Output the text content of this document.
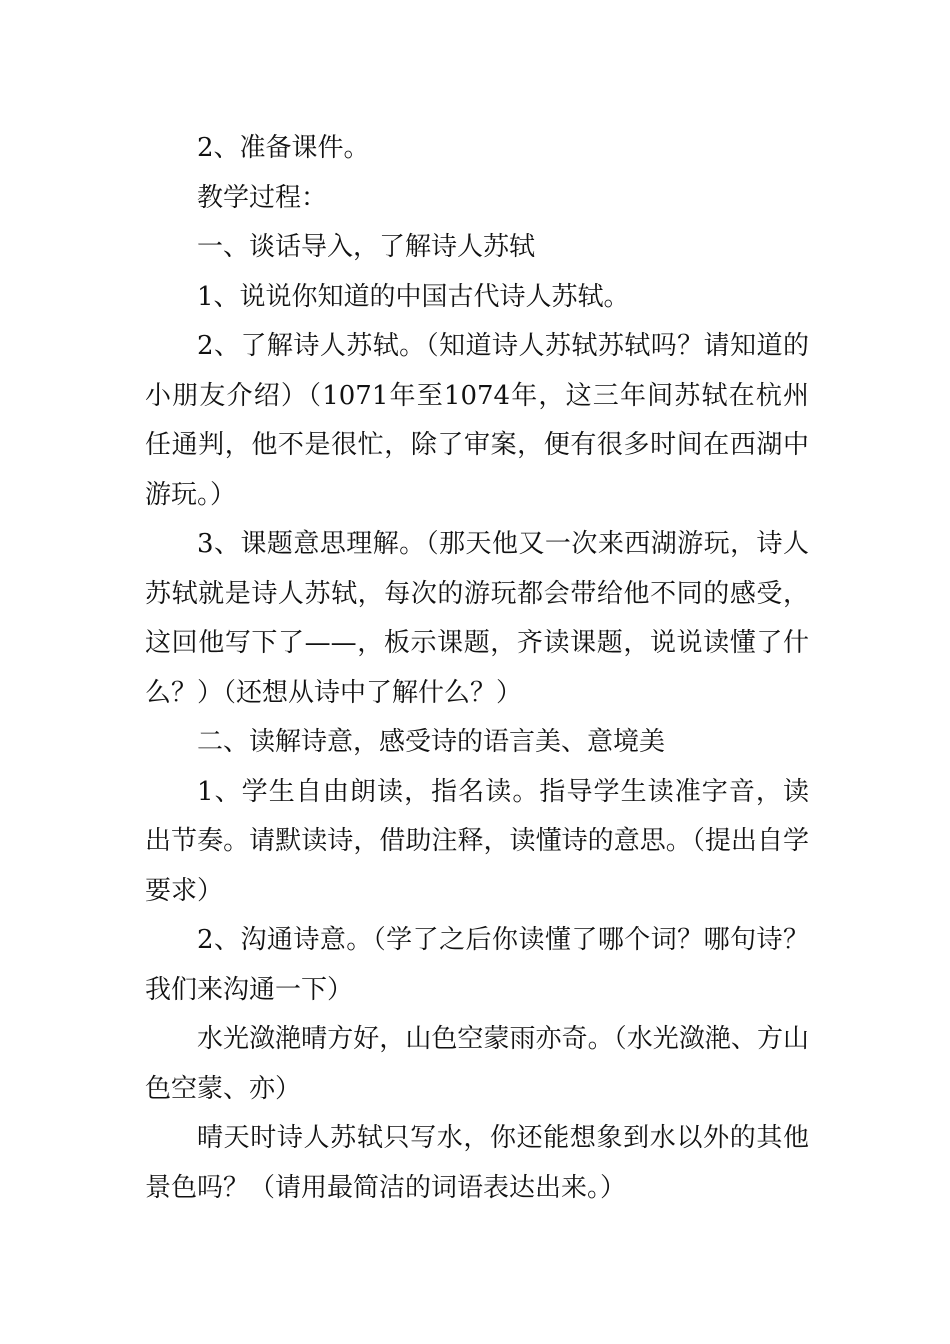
2、准备课件。

教学过程：

一、谈话导入，了解诗人苏轼

1、说说你知道的中国古代诗人苏轼。

2、了解诗人苏轼。（知道诗人苏轼苏轼吗？请知道的小朋友介绍）（1071年至1074年，这三年间苏轼在杭州任通判，他不是很忙，除了审案，便有很多时间在西湖中游玩。）

3、课题意思理解。（那天他又一次来西湖游玩，诗人苏轼就是诗人苏轼，每次的游玩都会带给他不同的感受，这回他写下了——，板示课题，齐读课题，说说读懂了什么？）（还想从诗中了解什么？）

二、读解诗意，感受诗的语言美、意境美

1、学生自由朗读，指名读。指导学生读准字音，读出节奏。请默读诗，借助注释，读懂诗的意思。（提出自学要求）

2、沟通诗意。（学了之后你读懂了哪个词？哪句诗？我们来沟通一下）

水光潋滟晴方好，山色空蒙雨亦奇。（水光潋滟、方山色空蒙、亦）

晴天时诗人苏轼只写水，你还能想象到水以外的其他景色吗？（请用最简洁的词语表达出来。）
